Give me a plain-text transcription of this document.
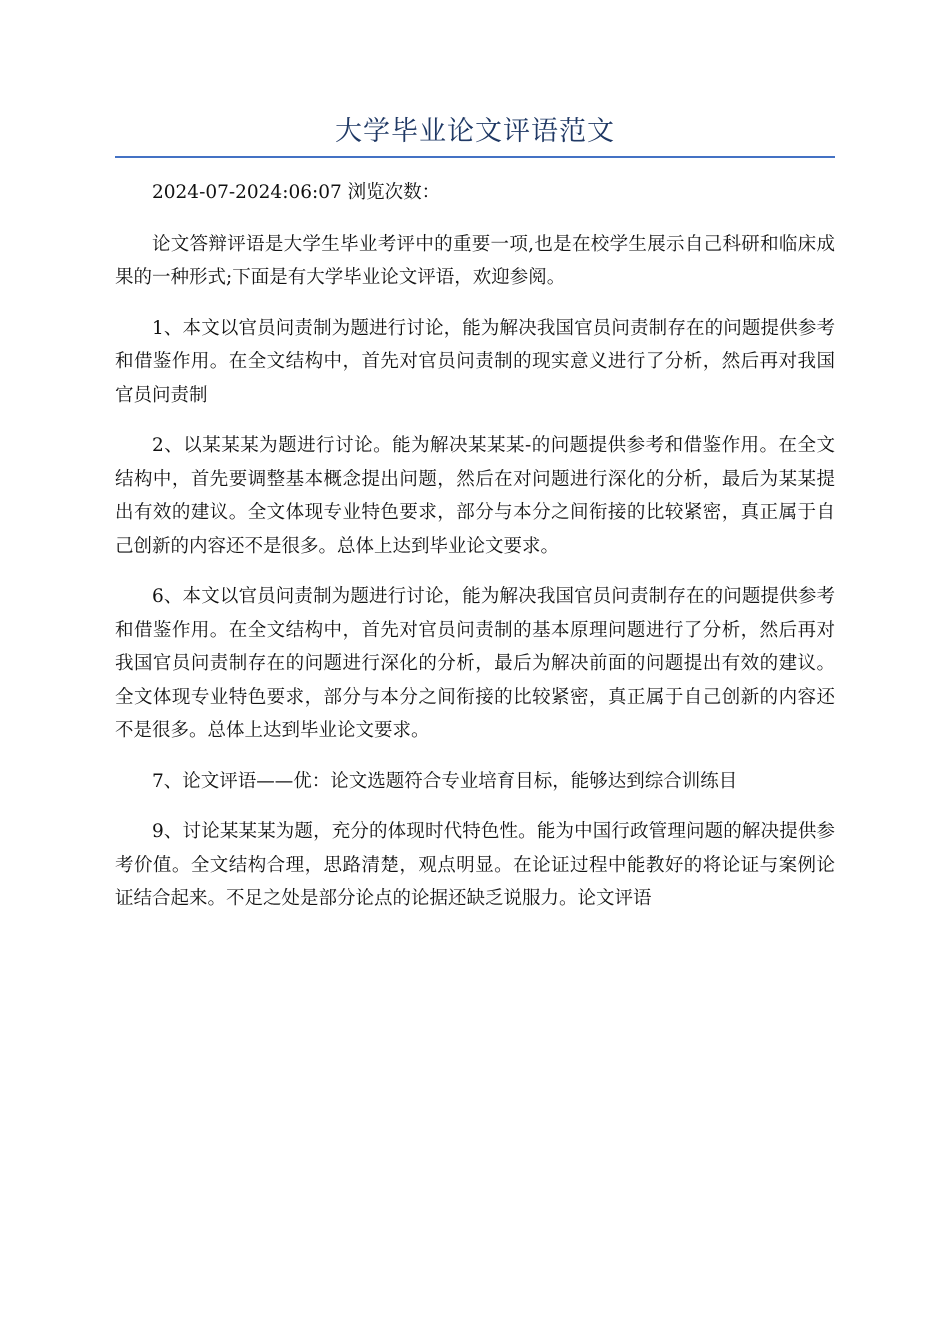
大学毕业论文评语范文

2024-07-2024:06:07 浏览次数：

论文答辩评语是大学生毕业考评中的重要一项,也是在校学生展示自己科研和临床成果的一种形式;下面是有大学毕业论文评语，欢迎参阅。

1、本文以官员问责制为题进行讨论，能为解决我国官员问责制存在的问题提供参考和借鉴作用。在全文结构中，首先对官员问责制的现实意义进行了分析，然后再对我国官员问责制

2、以某某某为题进行讨论。能为解决某某某-的问题提供参考和借鉴作用。在全文结构中，首先要调整基本概念提出问题，然后在对问题进行深化的分析，最后为某某提出有效的建议。全文体现专业特色要求，部分与本分之间衔接的比较紧密，真正属于自己创新的内容还不是很多。总体上达到毕业论文要求。

6、本文以官员问责制为题进行讨论，能为解决我国官员问责制存在的问题提供参考和借鉴作用。在全文结构中，首先对官员问责制的基本原理问题进行了分析，然后再对我国官员问责制存在的问题进行深化的分析，最后为解决前面的问题提出有效的建议。全文体现专业特色要求，部分与本分之间衔接的比较紧密，真正属于自己创新的内容还不是很多。总体上达到毕业论文要求。

7、论文评语——优：论文选题符合专业培育目标，能够达到综合训练目

9、讨论某某某为题，充分的体现时代特色性。能为中国行政管理问题的解决提供参考价值。全文结构合理，思路清楚，观点明显。在论证过程中能教好的将论证与案例论证结合起来。不足之处是部分论点的论据还缺乏说服力。论文评语
